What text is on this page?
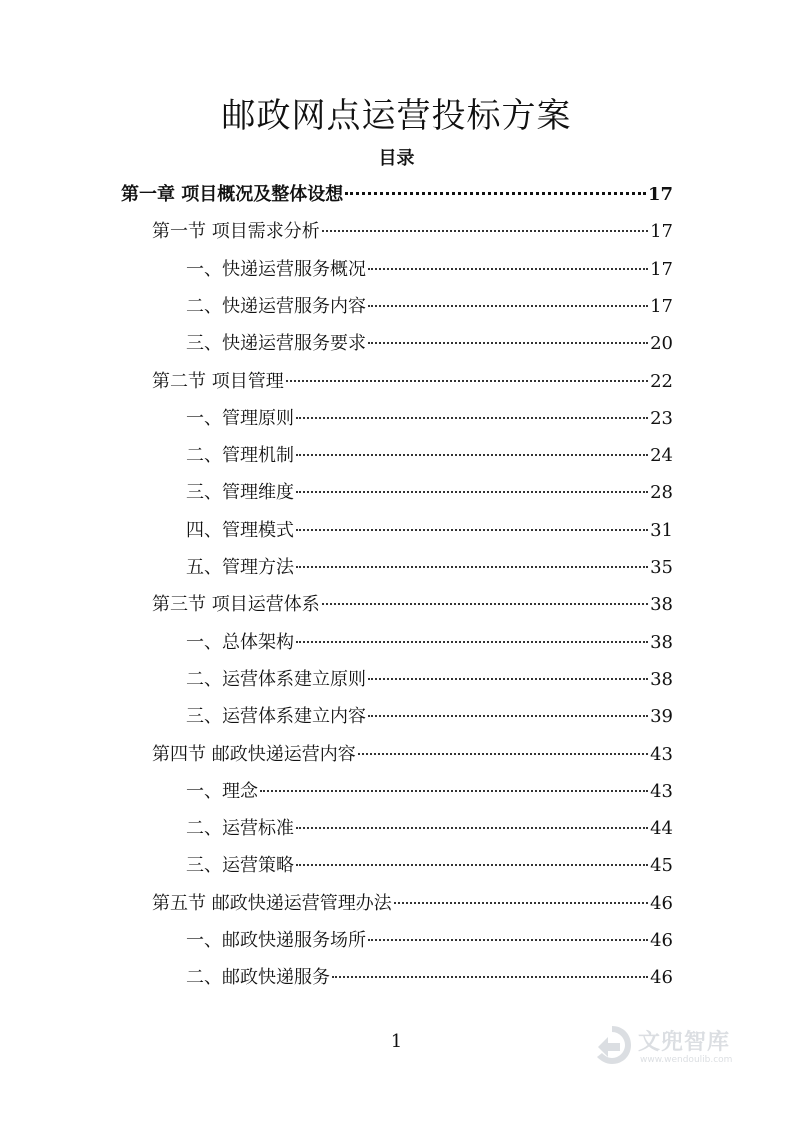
邮政网点运营投标方案
目录
第一章 项目概况及整体设想	17
第一节 项目需求分析	17
一、快递运营服务概况	17
二、快递运营服务内容	17
三、快递运营服务要求	20
第二节 项目管理	22
一、管理原则	23
二、管理机制	24
三、管理维度	28
四、管理模式	31
五、管理方法	35
第三节 项目运营体系	38
一、总体架构	38
二、运营体系建立原则	38
三、运营体系建立内容	39
第四节 邮政快递运营内容	43
一、理念	43
二、运营标准	44
三、运营策略	45
第五节 邮政快递运营管理办法	46
一、邮政快递服务场所	46
二、邮政快递服务	46
1	文兜智库
www.wendoulib.com
